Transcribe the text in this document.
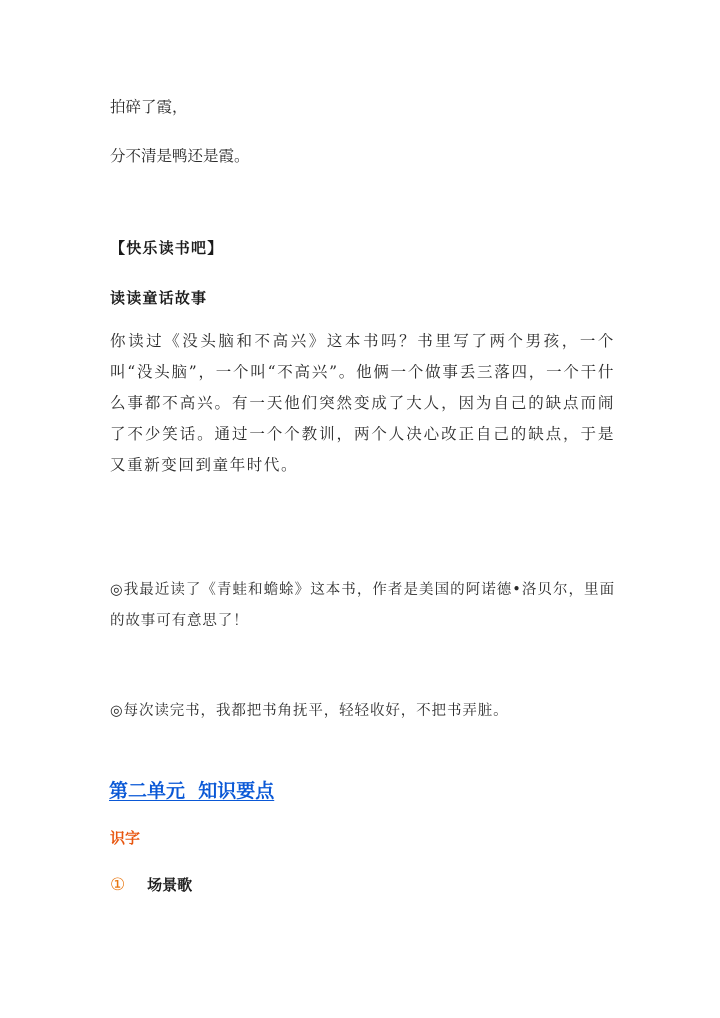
拍碎了霞，
分不清是鸭还是霞。
【快乐读书吧】
读读童话故事
你读过《没头脑和不高兴》这本书吗？书里写了两个男孩，一个叫“没头脑”，一个叫“不高兴”。他俩一个做事丢三落四，一个干什么事都不高兴。有一天他们突然变成了大人，因为自己的缺点而闹了不少笑话。通过一个个教训，两个人决心改正自己的缺点，于是又重新变回到童年时代。
◎我最近读了《青蛙和蟾蜍》这本书，作者是美国的阿诺德•洛贝尔，里面的故事可有意思了！
◎每次读完书，我都把书角抚平，轻轻收好，不把书弄脏。
第二单元  知识要点
识字
① 场景歌
